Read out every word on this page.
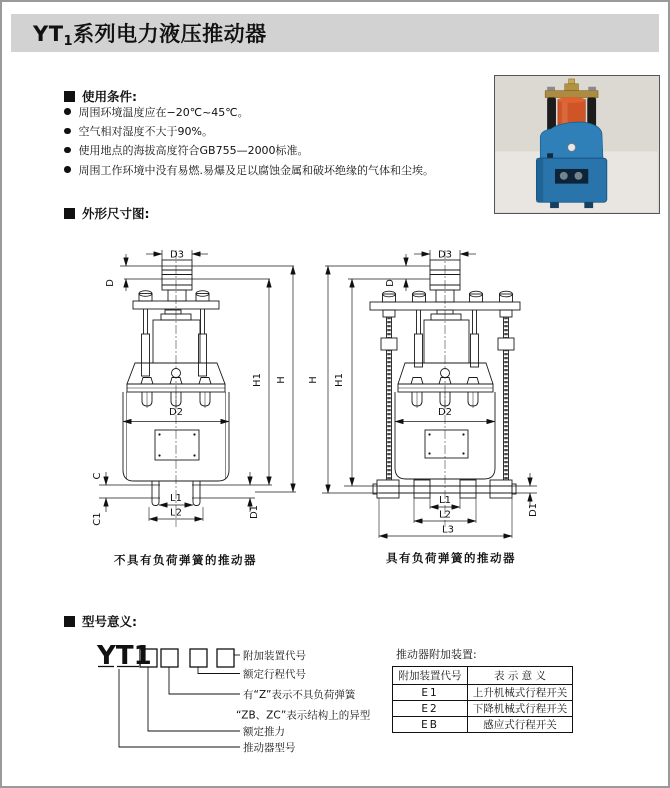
$YT_1$系列电力液压推动器
使用条件:
周围环境温度应在−20℃~45℃。
空气相对湿度不大于90%。
使用地点的海拔高度符合GB755—2000标准。
周围工作环境中没有易燃.易爆及足以腐蚀金属和破坏绝缘的气体和尘埃。
外形尺寸图:
D3
D
D2
L1
L2
C
C1	D1
H1 H
D3
D
D2
L1
L2
L3
D1
H H1
不具有负荷弹簧的推动器	具有负荷弹簧的推动器
型号意义:
YT1	附加装置代号
额定行程代号
有“Z”表示不具负荷弹簧
“ZB、ZC”表示结构上的异型
额定推力
推动器型号
推动器附加装置:
附加装置代号	表 示 意 义
E1	上升机械式行程开关
E2	下降机械式行程开关
EB	感应式行程开关
